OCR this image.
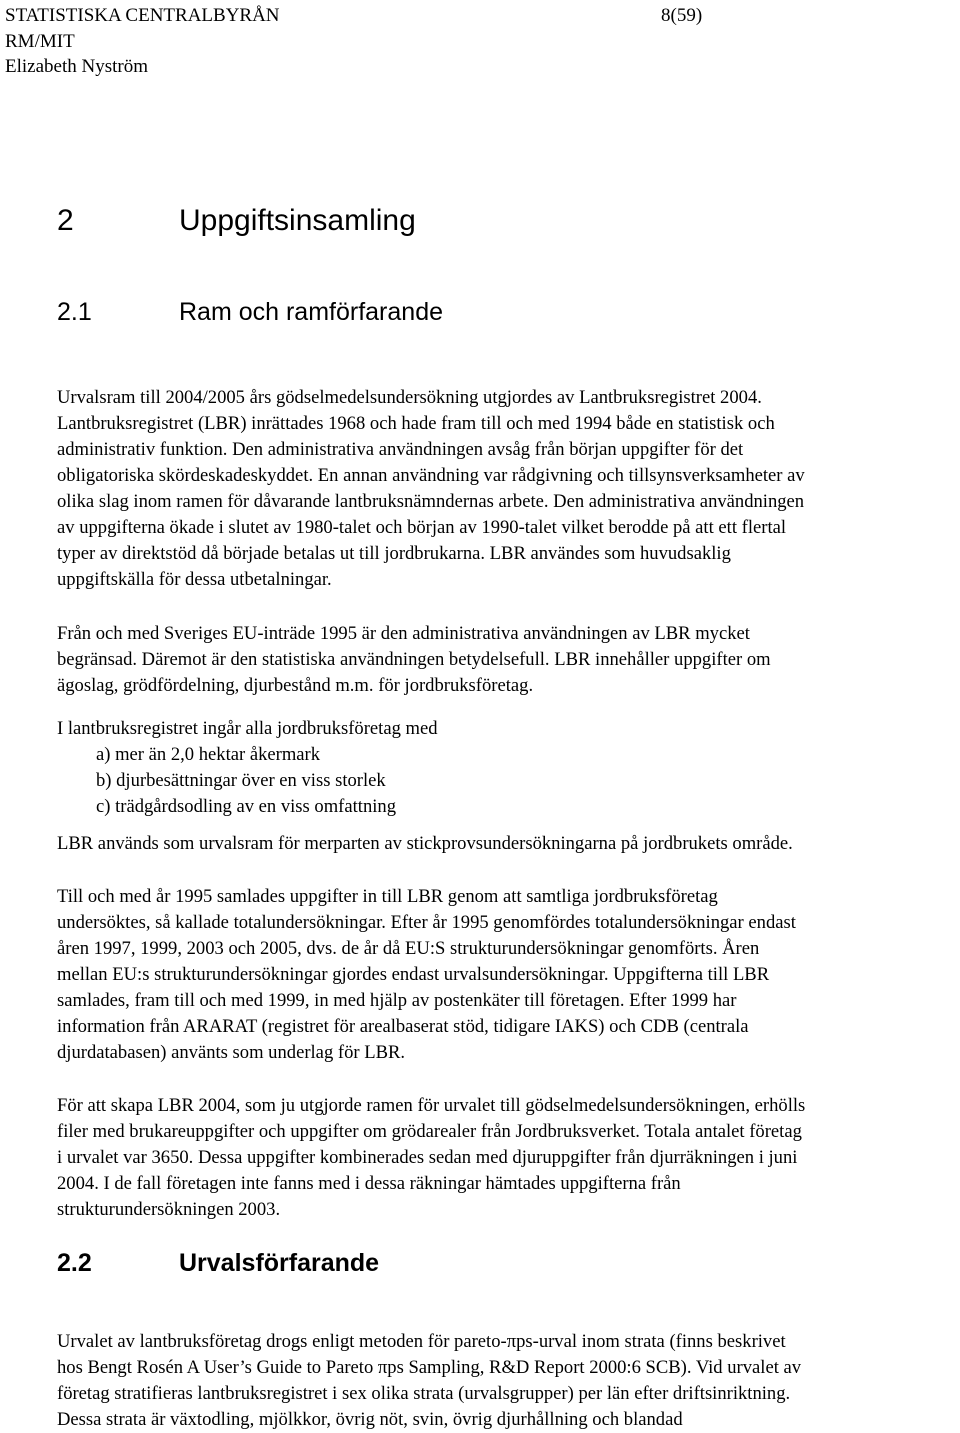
STATISTISKA CENTRALBYRÅN	8(59)
RM/MIT
Elizabeth Nyström
2	Uppgiftsinsamling
2.1	Ram och ramförfarande
Urvalsram till 2004/2005 års gödselmedelsundersökning utgjordes av Lantbruksregistret 2004.
Lantbruksregistret (LBR) inrättades 1968 och hade fram till och med 1994 både en statistisk och
administrativ funktion. Den administrativa användningen avsåg från början uppgifter för det
obligatoriska skördeskadeskyddet. En annan användning var rådgivning och tillsynsverksamheter av
olika slag inom ramen för dåvarande lantbruksnämndernas arbete. Den administrativa användningen
av uppgifterna ökade i slutet av 1980-talet och början av 1990-talet vilket berodde på att ett flertal
typer av direktstöd då började betalas ut till jordbrukarna. LBR användes som huvudsaklig
uppgiftskälla för dessa utbetalningar.
Från och med Sveriges EU-inträde 1995 är den administrativa användningen av LBR mycket
begränsad. Däremot är den statistiska användningen betydelsefull. LBR innehåller uppgifter om
ägoslag, grödfördelning, djurbestånd m.m. för jordbruksföretag.
I lantbruksregistret ingår alla jordbruksföretag med
a) mer än 2,0 hektar åkermark
b) djurbesättningar över en viss storlek
c) trädgårdsodling av en viss omfattning
LBR används som urvalsram för merparten av stickprovsundersökningarna på jordbrukets område.
Till och med år 1995 samlades uppgifter in till LBR genom att samtliga jordbruksföretag
undersöktes, så kallade totalundersökningar. Efter år 1995 genomfördes totalundersökningar endast
åren 1997, 1999, 2003 och 2005, dvs. de år då EU:S strukturundersökningar genomförts. Åren
mellan EU:s strukturundersökningar gjordes endast urvalsundersökningar. Uppgifterna till LBR
samlades, fram till och med 1999, in med hjälp av postenkäter till företagen. Efter 1999 har
information från ARARAT (registret för arealbaserat stöd, tidigare IAKS) och CDB (centrala
djurdatabasen) använts som underlag för LBR.
För att skapa LBR 2004, som ju utgjorde ramen för urvalet till gödselmedelsundersökningen, erhölls
filer med brukareuppgifter och uppgifter om grödarealer från Jordbruksverket. Totala antalet företag
i urvalet var 3650. Dessa uppgifter kombinerades sedan med djuruppgifter från djurräkningen i juni
2004. I de fall företagen inte fanns med i dessa räkningar hämtades uppgifterna från
strukturundersökningen 2003.
2.2	Urvalsförfarande
Urvalet av lantbruksföretag drogs enligt metoden för pareto-πps-urval inom strata (finns beskrivet
hos Bengt Rosén A User’s Guide to Pareto πps Sampling, R&D Report 2000:6 SCB). Vid urvalet av
företag stratifieras lantbruksregistret i sex olika strata (urvalsgrupper) per län efter driftsinriktning.
Dessa strata är växtodling, mjölkkor, övrig nöt, svin, övrig djurhållning och blandad
